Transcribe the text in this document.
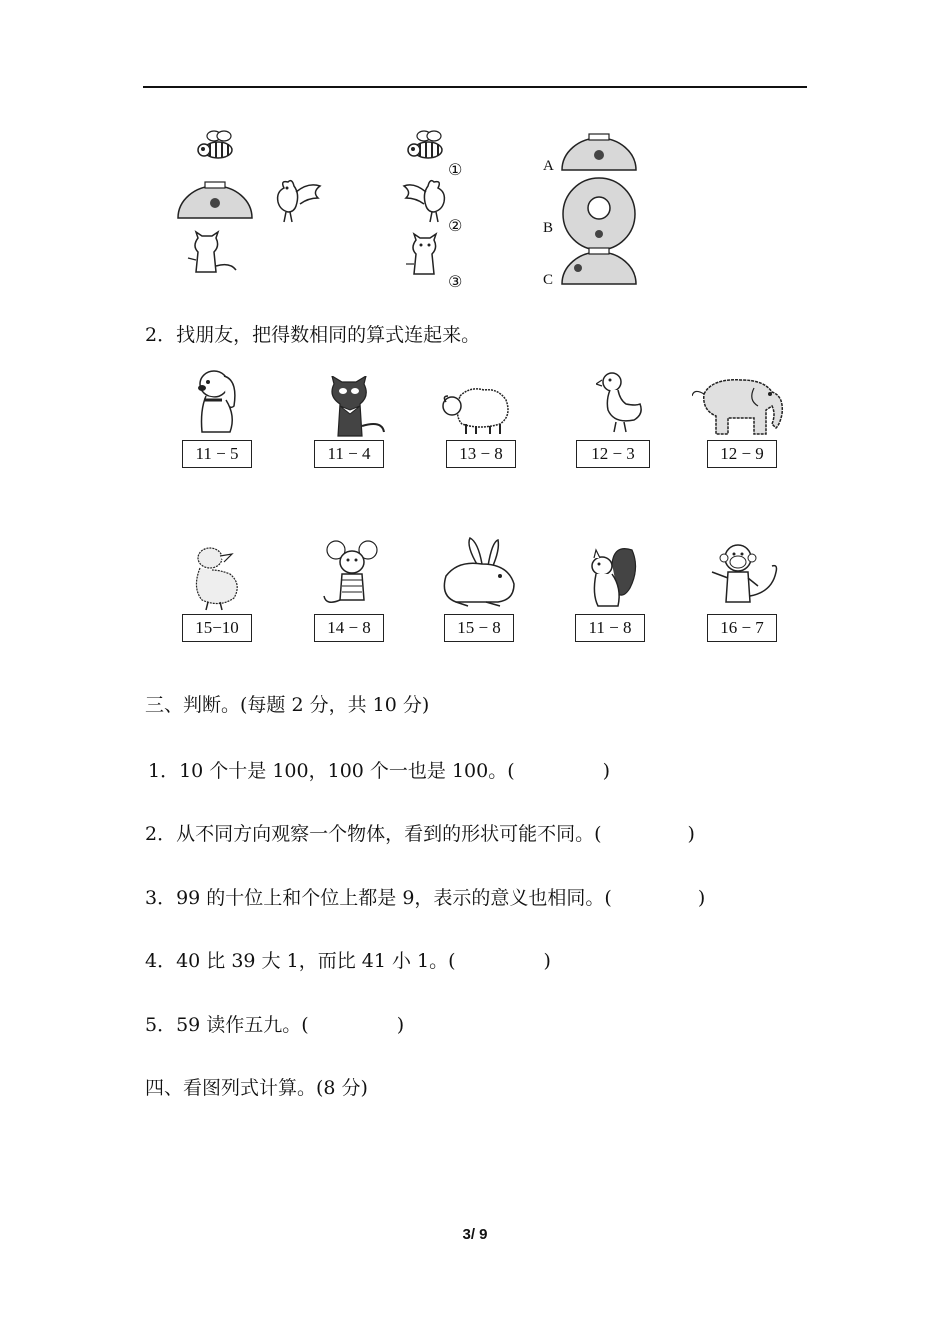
①
②
③
A
B
C
2．找朋友，把得数相同的算式连起来。
11 − 5	11 − 4	13 − 8	12 − 3	12 − 9
15−10	14 − 8	15 − 8	11 − 8	16 − 7
三、判断。(每题 2 分，共 10 分)
1．10 个十是 100，100 个一也是 100。(	)
2．从不同方向观察一个物体，看到的形状可能不同。(	)
3．99 的十位上和个位上都是 9，表示的意义也相同。(	)
4．40 比 39 大 1，而比 41 小 1。(	)
5．59 读作五九。(	)
四、看图列式计算。(8 分)
3/ 9
